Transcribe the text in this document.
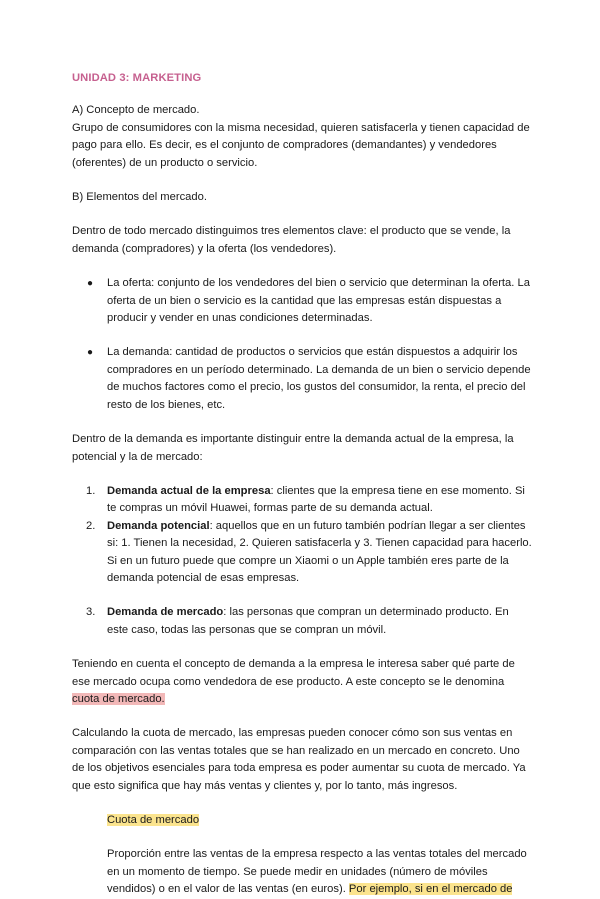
UNIDAD 3: MARKETING

A) Concepto de mercado.

Grupo de consumidores con la misma necesidad, quieren satisfacerla y tienen capacidad de pago para ello. Es decir, es el conjunto de compradores (demandantes) y vendedores (oferentes) de un producto o servicio.

B) Elementos del mercado.

Dentro de todo mercado distinguimos tres elementos clave: el producto que se vende, la demanda (compradores) y la oferta (los vendedores).

● La oferta: conjunto de los vendedores del bien o servicio que determinan la oferta. La oferta de un bien o servicio es la cantidad que las empresas están dispuestas a producir y vender en unas condiciones determinadas.
● La demanda: cantidad de productos o servicios que están dispuestos a adquirir los compradores en un período determinado. La demanda de un bien o servicio depende de muchos factores como el precio, los gustos del consumidor, la renta, el precio del resto de los bienes, etc.

Dentro de la demanda es importante distinguir entre la demanda actual de la empresa, la potencial y la de mercado:

1. Demanda actual de la empresa: clientes que la empresa tiene en ese momento. Si te compras un móvil Huawei, formas parte de su demanda actual.
2. Demanda potencial: aquellos que en un futuro también podrían llegar a ser clientes si: 1. Tienen la necesidad, 2. Quieren satisfacerla y 3. Tienen capacidad para hacerlo. Si en un futuro puede que compre un Xiaomi o un Apple también eres parte de la demanda potencial de esas empresas.
3. Demanda de mercado: las personas que compran un determinado producto. En este caso, todas las personas que se compran un móvil.

Teniendo en cuenta el concepto de demanda a la empresa le interesa saber qué parte de ese mercado ocupa como vendedora de ese producto. A este concepto se le denomina cuota de mercado.

Calculando la cuota de mercado, las empresas pueden conocer cómo son sus ventas en comparación con las ventas totales que se han realizado en un mercado en concreto. Uno de los objetivos esenciales para toda empresa es poder aumentar su cuota de mercado. Ya que esto significa que hay más ventas y clientes y, por lo tanto, más ingresos.

Cuota de mercado

Proporción entre las ventas de la empresa respecto a las ventas totales del mercado en un momento de tiempo. Se puede medir en unidades (número de móviles vendidos) o en el valor de las ventas (en euros). Por ejemplo, si en el mercado de
